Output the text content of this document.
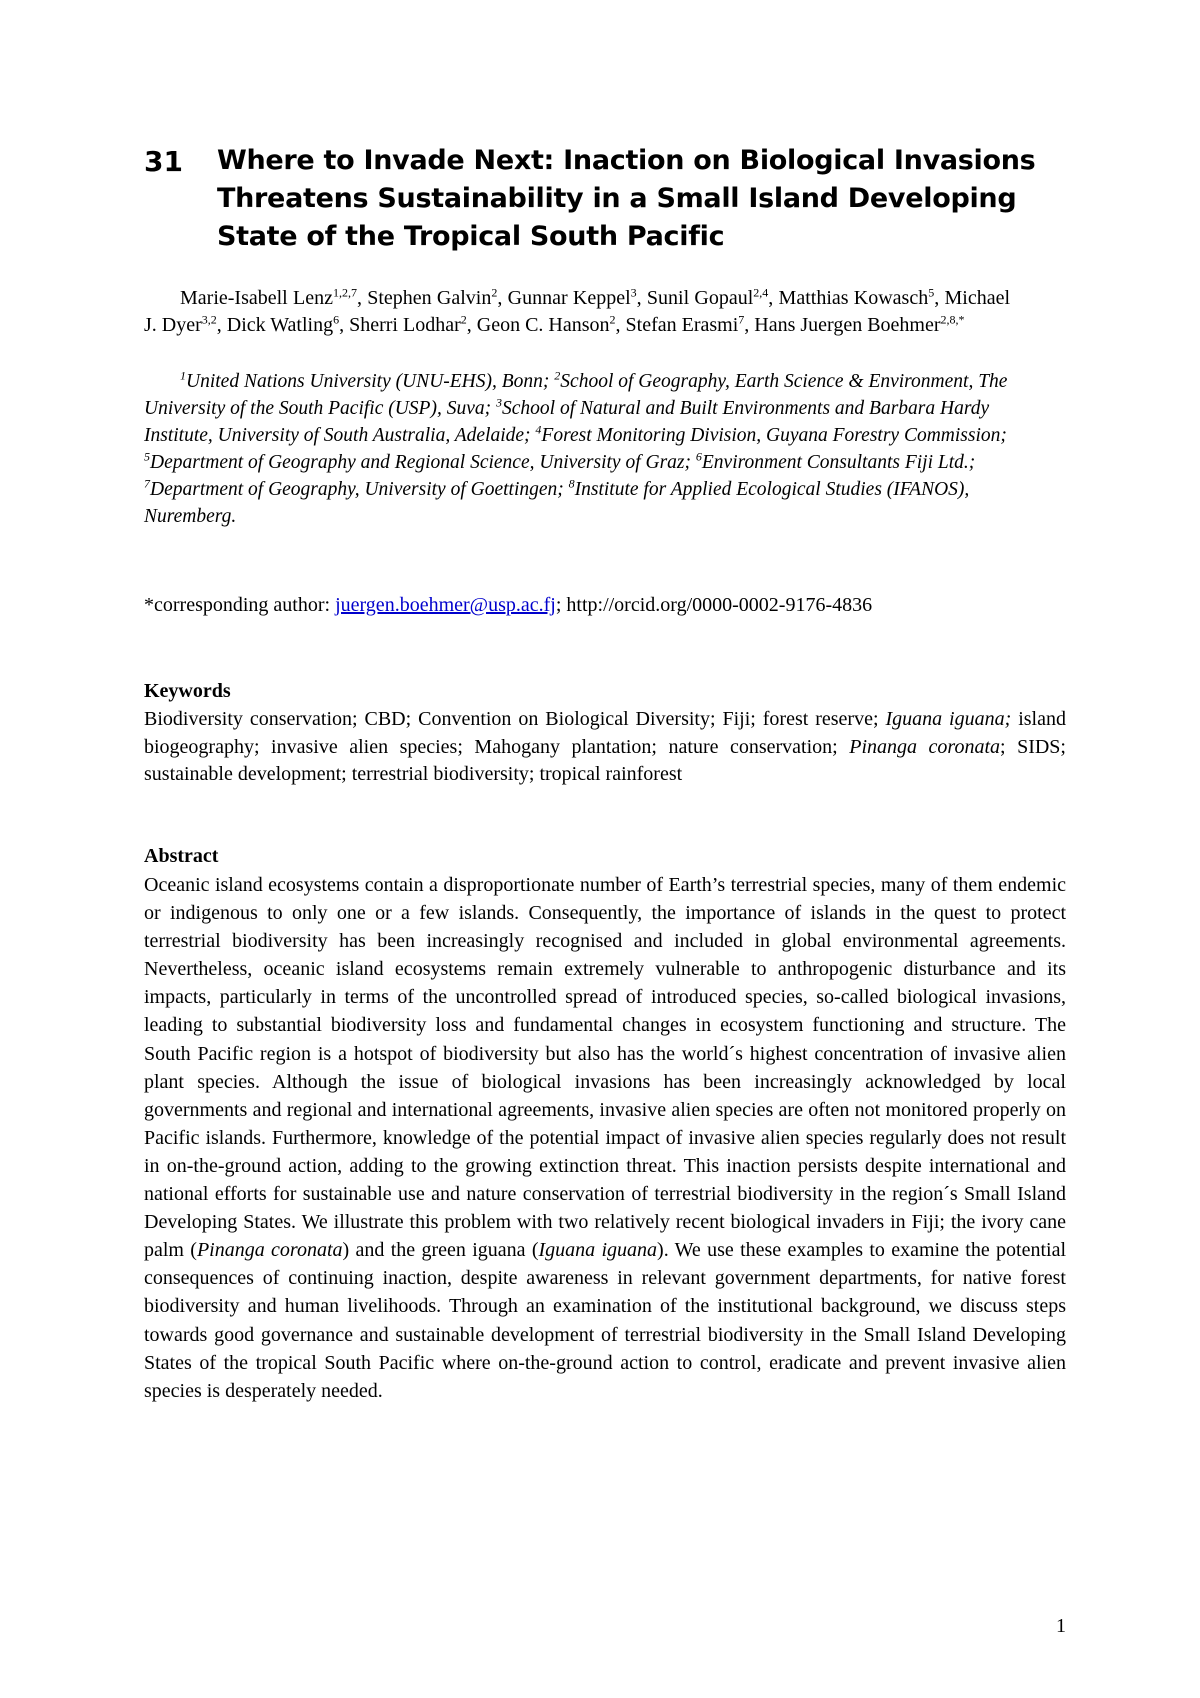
31 Where to Invade Next: Inaction on Biological Invasions Threatens Sustainability in a Small Island Developing State of the Tropical South Pacific
Marie-Isabell Lenz$^{1,2,7}$, Stephen Galvin$^2$, Gunnar Keppel$^3$, Sunil Gopaul$^{2,4}$, Matthias Kowasch$^5$, Michael J. Dyer$^{3,2}$, Dick Watling$^6$, Sherri Lodhar$^2$, Geon C. Hanson$^2$, Stefan Erasmi$^7$, Hans Juergen Boehmer$^{2,8,*}$
$^1$United Nations University (UNU-EHS), Bonn; $^2$School of Geography, Earth Science & Environment, The University of the South Pacific (USP), Suva; $^3$School of Natural and Built Environments and Barbara Hardy Institute, University of South Australia, Adelaide; $^4$Forest Monitoring Division, Guyana Forestry Commission; $^5$Department of Geography and Regional Science, University of Graz; $^6$Environment Consultants Fiji Ltd.; $^7$Department of Geography, University of Goettingen; $^8$Institute for Applied Ecological Studies (IFANOS), Nuremberg.
*corresponding author: juergen.boehmer@usp.ac.fj; http://orcid.org/0000-0002-9176-4836
Keywords
Biodiversity conservation; CBD; Convention on Biological Diversity; Fiji; forest reserve; Iguana iguana; island biogeography; invasive alien species; Mahogany plantation; nature conservation; Pinanga coronata; SIDS; sustainable development; terrestrial biodiversity; tropical rainforest
Abstract
Oceanic island ecosystems contain a disproportionate number of Earth’s terrestrial species, many of them endemic or indigenous to only one or a few islands. Consequently, the importance of islands in the quest to protect terrestrial biodiversity has been increasingly recognised and included in global environmental agreements. Nevertheless, oceanic island ecosystems remain extremely vulnerable to anthropogenic disturbance and its impacts, particularly in terms of the uncontrolled spread of introduced species, so-called biological invasions, leading to substantial biodiversity loss and fundamental changes in ecosystem functioning and structure. The South Pacific region is a hotspot of biodiversity but also has the world´s highest concentration of invasive alien plant species. Although the issue of biological invasions has been increasingly acknowledged by local governments and regional and international agreements, invasive alien species are often not monitored properly on Pacific islands. Furthermore, knowledge of the potential impact of invasive alien species regularly does not result in on-the-ground action, adding to the growing extinction threat. This inaction persists despite international and national efforts for sustainable use and nature conservation of terrestrial biodiversity in the region´s Small Island Developing States. We illustrate this problem with two relatively recent biological invaders in Fiji; the ivory cane palm (Pinanga coronata) and the green iguana (Iguana iguana). We use these examples to examine the potential consequences of continuing inaction, despite awareness in relevant government departments, for native forest biodiversity and human livelihoods. Through an examination of the institutional background, we discuss steps towards good governance and sustainable development of terrestrial biodiversity in the Small Island Developing States of the tropical South Pacific where on-the-ground action to control, eradicate and prevent invasive alien species is desperately needed.
1
